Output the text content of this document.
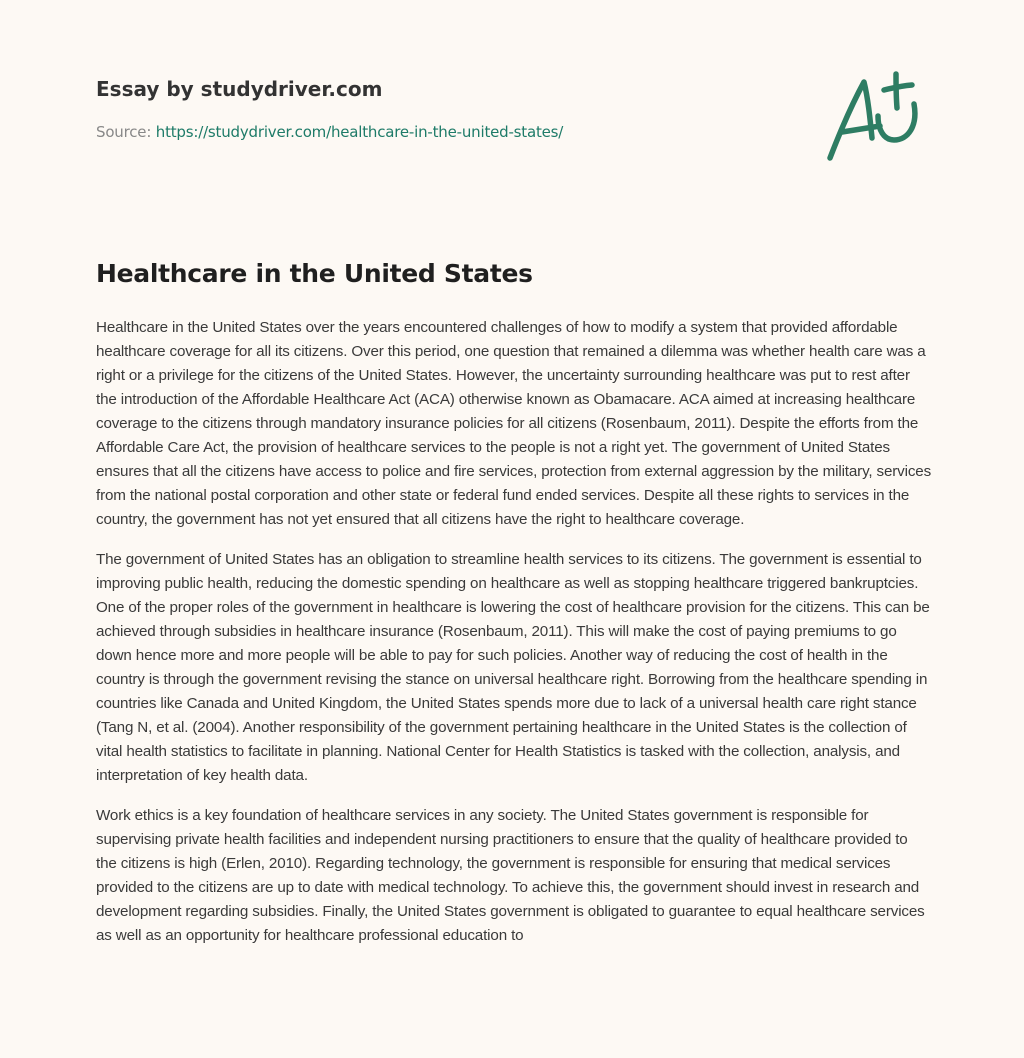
Essay by studydriver.com
Source: https://studydriver.com/healthcare-in-the-united-states/
Healthcare in the United States

Healthcare in the United States over the years encountered challenges of how to modify a system that provided affordable healthcare coverage for all its citizens. Over this period, one question that remained a dilemma was whether health care was a right or a privilege for the citizens of the United States. However, the uncertainty surrounding healthcare was put to rest after the introduction of the Affordable Healthcare Act (ACA) otherwise known as Obamacare. ACA aimed at increasing healthcare coverage to the citizens through mandatory insurance policies for all citizens (Rosenbaum, 2011). Despite the efforts from the Affordable Care Act, the provision of healthcare services to the people is not a right yet. The government of United States ensures that all the citizens have access to police and fire services, protection from external aggression by the military, services from the national postal corporation and other state or federal fund ended services. Despite all these rights to services in the country, the government has not yet ensured that all citizens have the right to healthcare coverage.

The government of United States has an obligation to streamline health services to its citizens. The government is essential to improving public health, reducing the domestic spending on healthcare as well as stopping healthcare triggered bankruptcies. One of the proper roles of the government in healthcare is lowering the cost of healthcare provision for the citizens. This can be achieved through subsidies in healthcare insurance (Rosenbaum, 2011). This will make the cost of paying premiums to go down hence more and more people will be able to pay for such policies. Another way of reducing the cost of health in the country is through the government revising the stance on universal healthcare right. Borrowing from the healthcare spending in countries like Canada and United Kingdom, the United States spends more due to lack of a universal health care right stance (Tang N, et al. (2004). Another responsibility of the government pertaining healthcare in the United States is the collection of vital health statistics to facilitate in planning. National Center for Health Statistics is tasked with the collection, analysis, and interpretation of key health data.

Work ethics is a key foundation of healthcare services in any society. The United States government is responsible for supervising private health facilities and independent nursing practitioners to ensure that the quality of healthcare provided to the citizens is high (Erlen, 2010). Regarding technology, the government is responsible for ensuring that medical services provided to the citizens are up to date with medical technology. To achieve this, the government should invest in research and development regarding subsidies. Finally, the United States government is obligated to guarantee to equal healthcare services as well as an opportunity for healthcare professional education to
